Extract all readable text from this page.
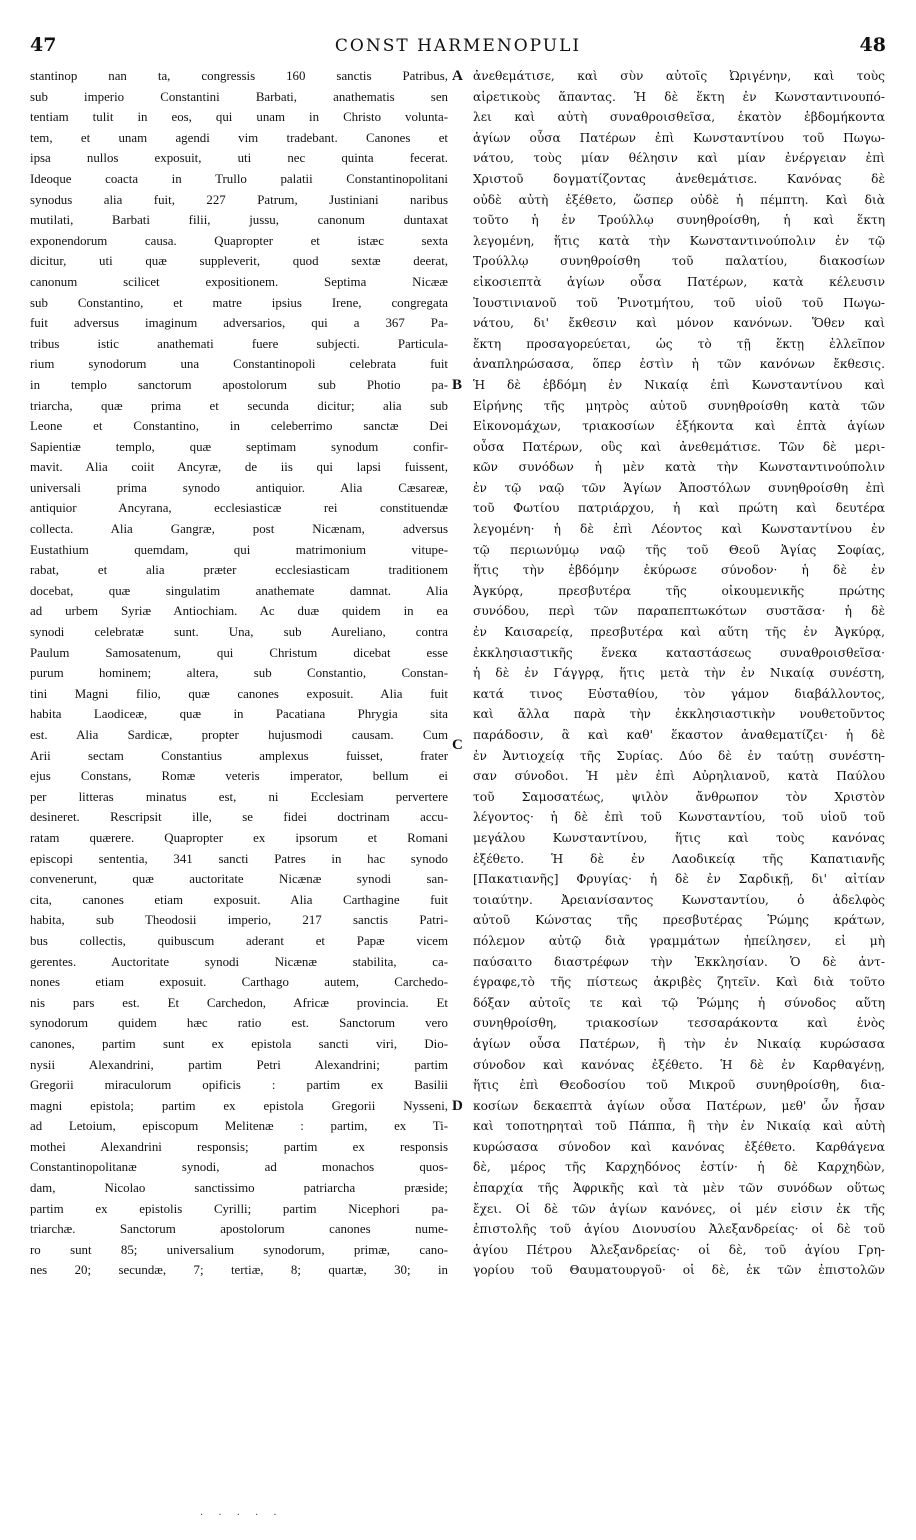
47	CONST HARMENOPULI	48
stantinop nan ta, congressis 160 sanctis Patribus,
sub imperio Constantini Barbati, anathematis sen
tentiam tulit in eos, qui unam in Christo volunta-
tem, et unam agendi vim tradebant. Canones et
ipsa nullos exposuit, uti nec quinta fecerat.
Ideoque coacta in Trullo palatii Constantinopolitani
synodus alia fuit, 227 Patrum, Justiniani naribus
mutilati, Barbati filii, jussu, canonum duntaxat
exponendorum causa. Quapropter et istæc sexta
dicitur, uti quæ suppleverit, quod sextæ deerat,
canonum scilicet expositionem. Septima Nicææ
sub Constantino, et matre ipsius Irene, congregata
fuit adversus imaginum adversarios, qui a 367 Pa-
tribus istic anathemati fuere subjecti. Particula-
rium synodorum una Constantinopoli celebrata fuit
in templo sanctorum apostolorum sub Photio pa-
triarcha, quæ prima et secunda dicitur; alia sub
Leone et Constantino, in celeberrimo sanctæ Dei
Sapientiæ templo, quæ septimam synodum confir-
mavit. Alia coiit Ancyræ, de iis qui lapsi fuissent,
universali prima synodo antiquior. Alia Cæsareæ,
antiquior Ancyrana, ecclesiasticæ rei constituendæ
collecta. Alia Gangræ, post Nicænam, adversus
Eustathium quemdam, qui matrimonium vitupe-
rabat, et alia præter ecclesiasticam traditionem
docebat, quæ singulatim anathemate damnat. Alia
ad urbem Syriæ Antiochiam. Ac duæ quidem in ea
synodi celebratæ sunt. Una, sub Aureliano, contra
Paulum Samosatenum, qui Christum dicebat esse
purum hominem; altera, sub Constantio, Constan-
tini Magni filio, quæ canones exposuit. Alia fuit
habita Laodiceæ, quæ in Pacatiana Phrygia sita
est. Alia Sardicæ, propter hujusmodi causam. Cum
Arii sectam Constantius amplexus fuisset, frater
ejus Constans, Romæ veteris imperator, bellum ei
per litteras minatus est, ni Ecclesiam pervertere
desineret. Rescripsit ille, se fidei doctrinam accu-
ratam quærere. Quapropter ex ipsorum et Romani
episcopi sententia, 341 sancti Patres in hac synodo
convenerunt, quæ auctoritate Nicænæ synodi san-
cita, canones etiam exposuit. Alia Carthagine fuit
habita, sub Theodosii imperio, 217 sanctis Patri-
bus collectis, quibuscum aderant et Papæ vicem
gerentes. Auctoritate synodi Nicænæ stabilita, ca-
nones etiam exposuit. Carthago autem, Carchedo-
nis pars est. Et Carchedon, Africæ provincia. Et
synodorum quidem hæc ratio est. Sanctorum vero
canones, partim sunt ex epistola sancti viri, Dio-
nysii Alexandrini, partim Petri Alexandrini; partim
Gregorii miraculorum opificis : partim ex Basilii
magni epistola; partim ex epistola Gregorii Nysseni,
ad Letoium, episcopum Melitenæ : partim, ex Ti-
mothei Alexandrini responsis; partim ex responsis
Constantinopolitanæ synodi, ad monachos quos-
dam, Nicolao sanctissimo patriarcha præside;
partim ex epistolis Cyrilli; partim Nicephori pa-
triarchæ. Sanctorum apostolorum canones nume-
ro sunt 85; universalium synodorum, primæ, cano-
nes 20; secundæ, 7; tertiæ, 8; quartæ, 30; in
ἀνεθεμάτισε, καὶ σὺν αὐτοῖς Ὠριγένην, καὶ τοὺς
αἱρετικοὺς ἅπαντας. Ἡ δὲ ἕκτη ἐν Κωνσταντινουπό-
λει καὶ αὐτὴ συναθροισθεῖσα, ἑκατὸν ἑβδομήκοντα
ἁγίων οὖσα Πατέρων ἐπὶ Κωνσταντίνου τοῦ Πωγω-
νάτου, τοὺς μίαν θέλησιν καὶ μίαν ἐνέργειαν ἐπὶ
Χριστοῦ δογματίζοντας ἀνεθεμάτισε. Κανόνας δὲ
οὐδὲ αὐτὴ ἐξέθετο, ὥσπερ οὐδὲ ἡ πέμπτη. Καὶ διὰ
τοῦτο ἡ ἐν Τρούλλῳ συνηθροίσθη, ἡ καὶ ἕκτη
λεγομένη, ἥτις κατὰ τὴν Κωνσταντινούπολιν ἐν τῷ
Τρούλλῳ συνηθροίσθη τοῦ παλατίου, διακοσίων
εἰκοσιεπτὰ ἁγίων οὖσα Πατέρων, κατὰ κέλευσιν
Ἰουστινιανοῦ τοῦ Ῥινοτμήτου, τοῦ υἱοῦ τοῦ Πωγω-
νάτου, δι' ἔκθεσιν καὶ μόνον κανόνων. Ὅθεν καὶ
ἕκτη προσαγορεύεται, ὡς τὸ τῇ ἕκτῃ ἐλλεῖπον
ἀναπληρώσασα, ὅπερ ἐστὶν ἡ τῶν κανόνων ἔκθεσις.
Ἡ δὲ ἑβδόμη ἐν Νικαίᾳ ἐπὶ Κωνσταντίνου καὶ
Εἰρήνης τῆς μητρὸς αὐτοῦ συνηθροίσθη κατὰ τῶν
Εἰκονομάχων, τριακοσίων ἑξήκοντα καὶ ἑπτὰ ἁγίων
οὖσα Πατέρων, οὓς καὶ ἀνεθεμάτισε. Τῶν δὲ μερι-
κῶν συνόδων ἡ μὲν κατὰ τὴν Κωνσταντινούπολιν
ἐν τῷ ναῷ τῶν Ἁγίων Ἀποστόλων συνηθροίσθη ἐπὶ
τοῦ Φωτίου πατριάρχου, ἡ καὶ πρώτη καὶ δευτέρα
λεγομένη· ἡ δὲ ἐπὶ Λέοντος καὶ Κωνσταντίνου ἐν
τῷ περιωνύμῳ ναῷ τῆς τοῦ Θεοῦ Ἁγίας Σοφίας,
ἥτις τὴν ἑβδόμην ἐκύρωσε σύνοδον· ἡ δὲ ἐν
Ἀγκύρᾳ, πρεσβυτέρα τῆς οἰκουμενικῆς πρώτης
συνόδου, περὶ τῶν παραπεπτωκότων συστᾶσα· ἡ δὲ
ἐν Καισαρείᾳ, πρεσβυτέρα καὶ αὕτη τῆς ἐν Ἀγκύρᾳ,
ἐκκλησιαστικῆς ἕνεκα καταστάσεως συναθροισθεῖσα·
ἡ δὲ ἐν Γάγγρᾳ, ἥτις μετὰ τὴν ἐν Νικαίᾳ συνέστη,
κατά τινος Εὐσταθίου, τὸν γάμον διαβάλλοντος,
καὶ ἄλλα παρὰ τὴν ἐκκλησιαστικὴν νουθετοῦντος
παράδοσιν, ἃ καὶ καθ' ἕκαστον ἀναθεματίζει· ἡ δὲ
ἐν Ἀντιοχείᾳ τῆς Συρίας. Δύο δὲ ἐν ταύτῃ συνέστη-
σαν σύνοδοι. Ἡ μὲν ἐπὶ Αὐρηλιανοῦ, κατὰ Παύλου
τοῦ Σαμοσατέως, ψιλὸν ἄνθρωπον τὸν Χριστὸν
λέγοντος· ἡ δὲ ἐπὶ τοῦ Κωνσταντίου, τοῦ υἱοῦ τοῦ
μεγάλου Κωνσταντίνου, ἥτις καὶ τοὺς κανόνας
ἐξέθετο. Ἡ δὲ ἐν Λαοδικείᾳ τῆς Καπατιανῆς
[Πακατιανῆς] Φρυγίας· ἡ δὲ ἐν Σαρδικῇ, δι' αἰτίαν
τοιαύτην. Ἀρειανίσαντος Κωνσταντίου, ὁ ἀδελφὸς
αὐτοῦ Κώνστας τῆς πρεσβυτέρας Ῥώμης κράτων,
πόλεμον αὐτῷ διὰ γραμμάτων ἠπείλησεν, εἰ μὴ
παύσαιτο διαστρέφων τὴν Ἐκκλησίαν. Ὁ δὲ ἀντ-
έγραφε,τὸ τῆς πίστεως ἀκριβὲς ζητεῖν. Καὶ διὰ τοῦτο
δόξαν αὐτοῖς τε καὶ τῷ Ῥώμης ἡ σύνοδος αὕτη
συνηθροίσθη, τριακοσίων τεσσαράκοντα καὶ ἑνὸς
ἁγίων οὖσα Πατέρων, ἣ τὴν ἐν Νικαίᾳ κυρώσασα
σύνοδον καὶ κανόνας ἐξέθετο. Ἡ δὲ ἐν Καρθαγένῃ,
ἥτις ἐπὶ Θεοδοσίου τοῦ Μικροῦ συνηθροίσθη, δια-
κοσίων δεκαεπτὰ ἁγίων οὖσα Πατέρων, μεθ' ὧν ἦσαν
καὶ τοποτηρηταὶ τοῦ Πάππα, ἣ τὴν ἐν Νικαίᾳ καὶ αὐτὴ
κυρώσασα σύνοδον καὶ κανόνας ἐξέθετο. Καρθάγενα
δὲ, μέρος τῆς Καρχηδόνος ἐστίν· ἡ δὲ Καρχηδὼν,
ἐπαρχία τῆς Ἀφρικῆς καὶ τὰ μὲν τῶν συνόδων οὕτως
ἔχει. Οἱ δὲ τῶν ἁγίων κανόνες, οἱ μέν εἰσιν ἐκ τῆς
ἐπιστολῆς τοῦ ἁγίου Διονυσίου Ἀλεξανδρείας· οἱ δὲ τοῦ
ἁγίου Πέτρου Ἀλεξανδρείας· οἱ δὲ, τοῦ ἁγίου Γρη-
γορίου τοῦ Θαυματουργοῦ· οἱ δὲ, ἐκ τῶν ἐπιστολῶν
A
B
C
D
· · · · ·
